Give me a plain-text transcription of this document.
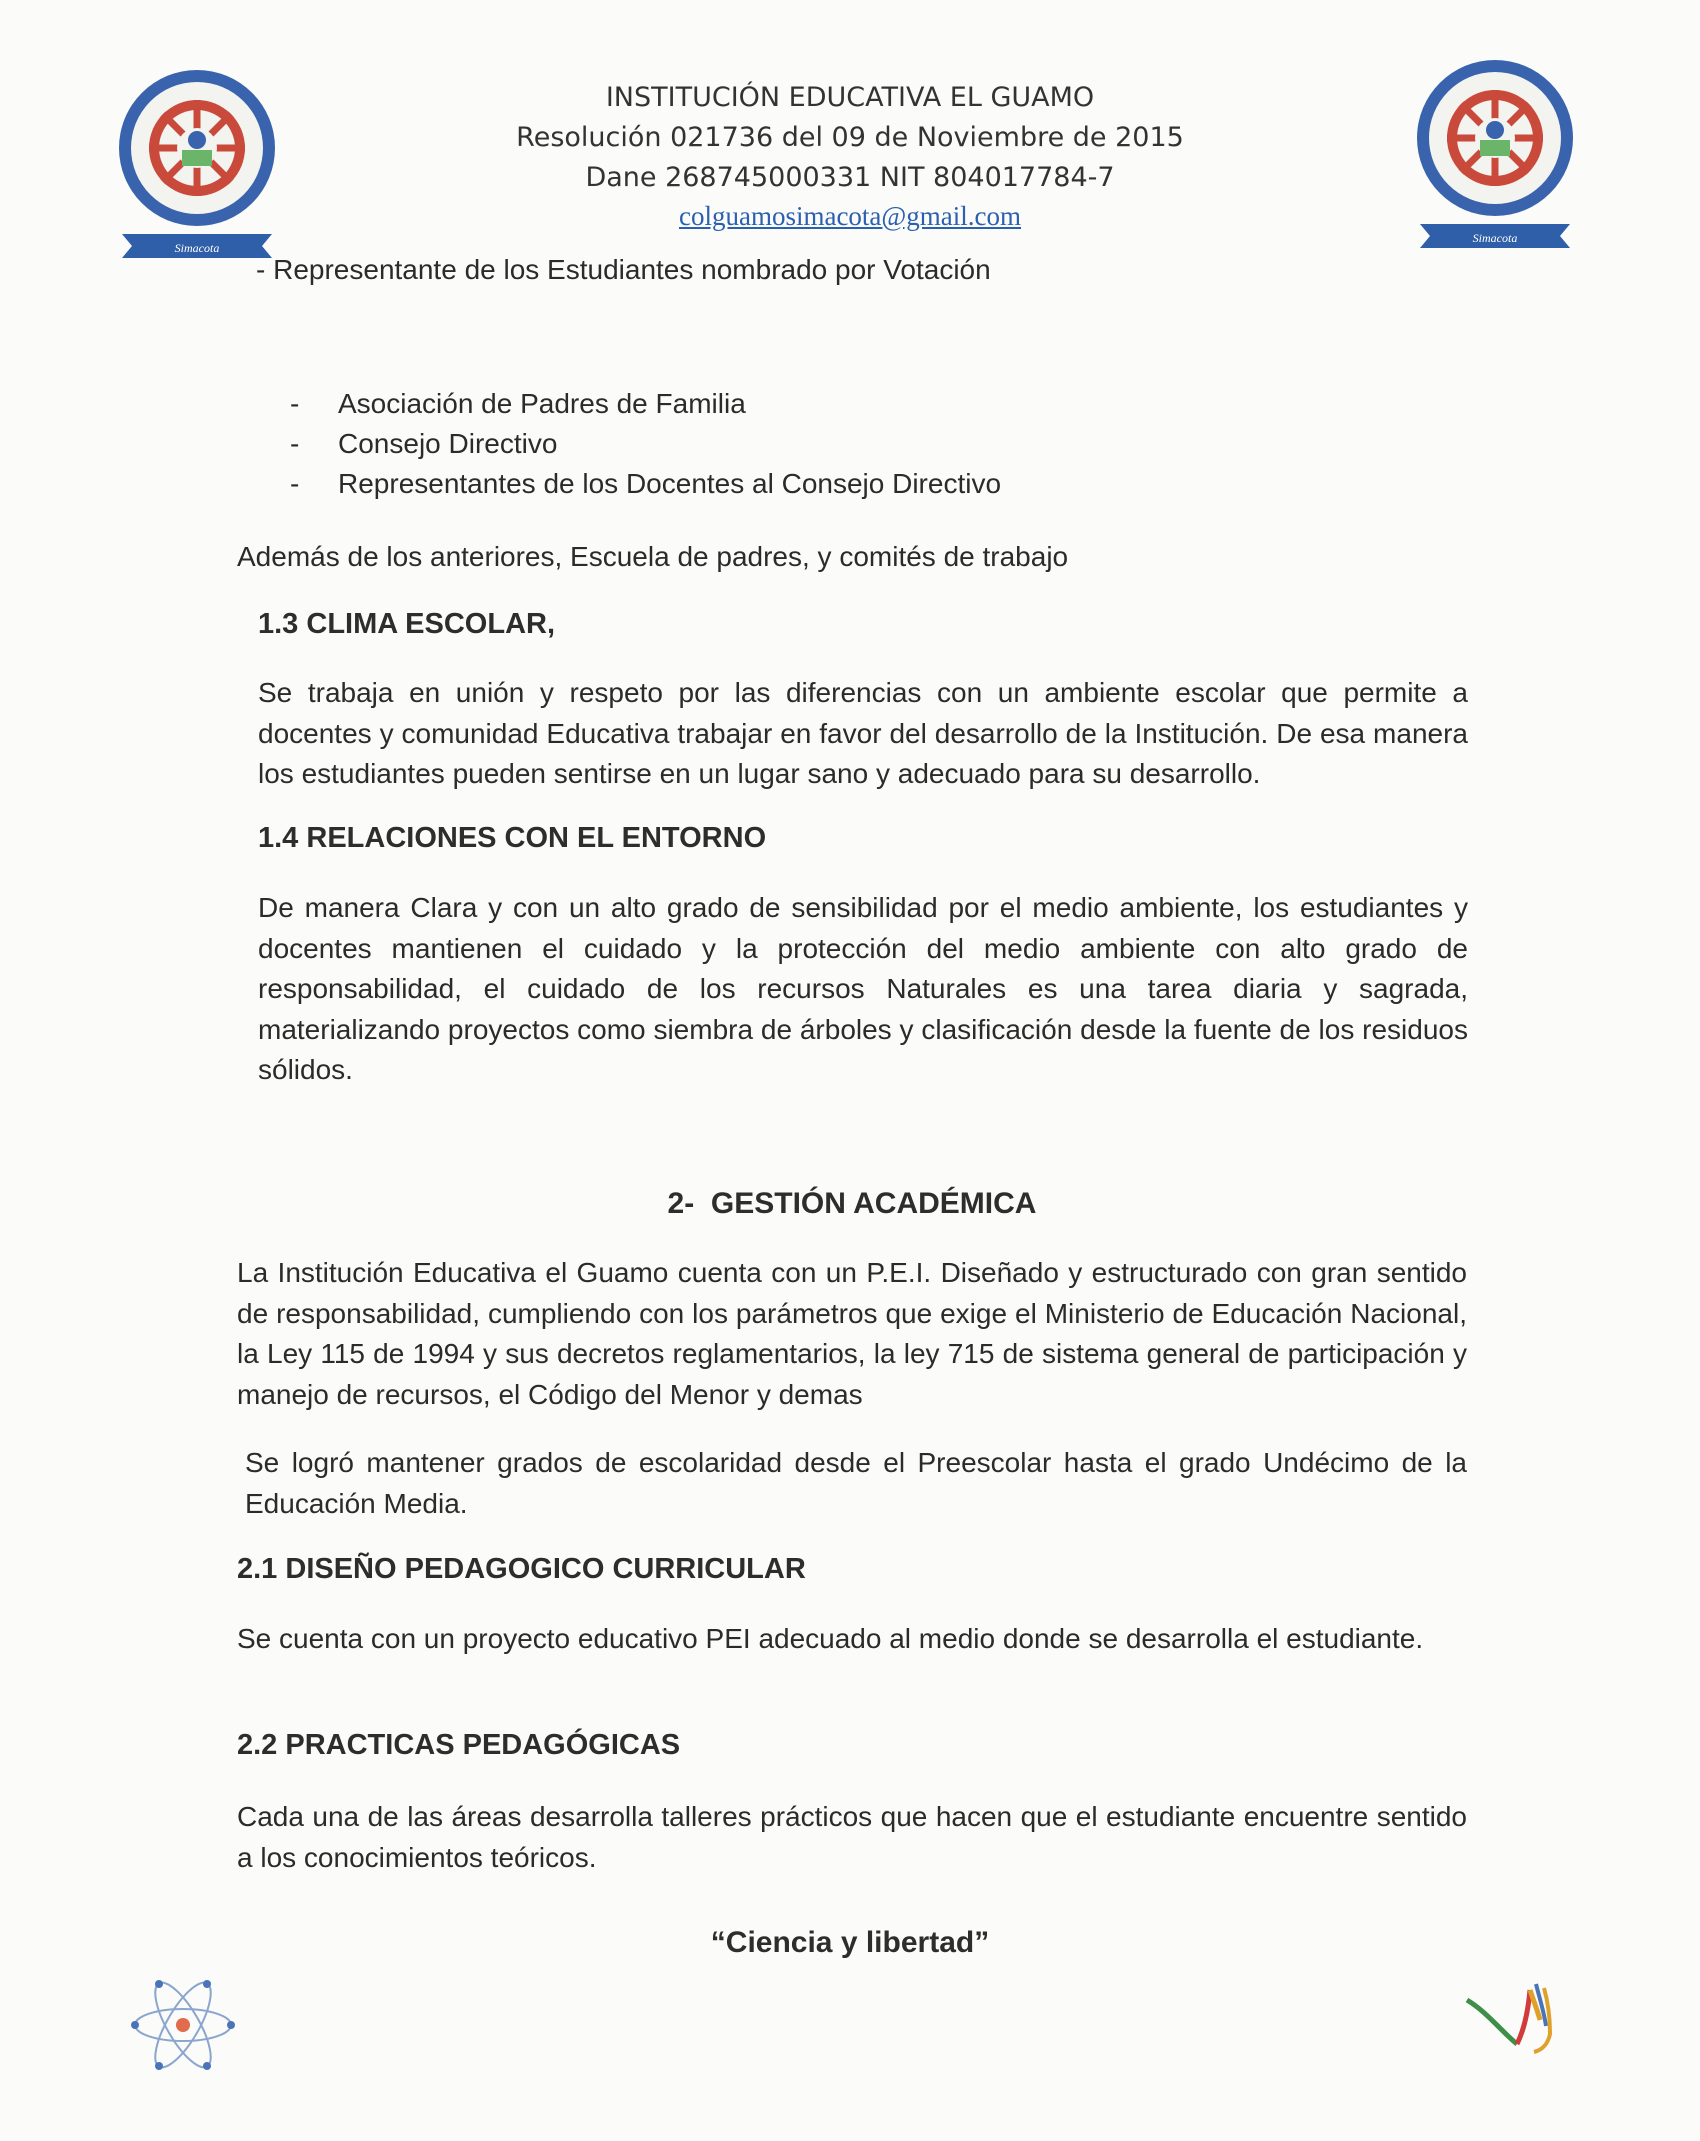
Simacota
Simacota
INSTITUCIÓN EDUCATIVA EL GUAMO
Resolución 021736 del 09 de Noviembre de 2015
Dane 268745000331 NIT 804017784-7
colguamosimacota@gmail.com
- Representante de los Estudiantes nombrado por Votación
- Asociación de Padres de Familia
- Consejo Directivo
- Representantes de los Docentes al Consejo Directivo
Además de los anteriores, Escuela de padres, y comités de trabajo
1.3 CLIMA ESCOLAR,
Se trabaja en unión y respeto por las diferencias con un ambiente escolar que permite a docentes y comunidad Educativa trabajar en favor del desarrollo de la Institución. De esa manera los estudiantes pueden sentirse en un lugar sano y adecuado para su desarrollo.
1.4 RELACIONES CON EL ENTORNO
De manera Clara y con un alto grado de sensibilidad por el medio ambiente, los estudiantes y docentes mantienen el cuidado y la protección del medio ambiente con alto grado de responsabilidad, el cuidado de los recursos Naturales es una tarea diaria y sagrada, materializando proyectos como siembra de árboles y clasificación desde la fuente de los residuos sólidos.
2-  GESTIÓN ACADÉMICA
La Institución Educativa el Guamo cuenta con un P.E.I. Diseñado y estructurado con gran sentido de responsabilidad, cumpliendo con los parámetros que exige el Ministerio de Educación Nacional, la Ley 115 de 1994 y sus decretos reglamentarios, la ley 715 de sistema general de participación y manejo de recursos, el Código del Menor y demas
Se logró mantener grados de escolaridad desde el Preescolar hasta el grado Undécimo de la Educación Media.
2.1 DISEÑO PEDAGOGICO CURRICULAR
Se cuenta con un proyecto educativo PEI adecuado al medio donde se desarrolla el estudiante.
2.2 PRACTICAS PEDAGÓGICAS
Cada una de las áreas desarrolla talleres prácticos que hacen que el estudiante encuentre sentido a los conocimientos teóricos.
“Ciencia y libertad”
